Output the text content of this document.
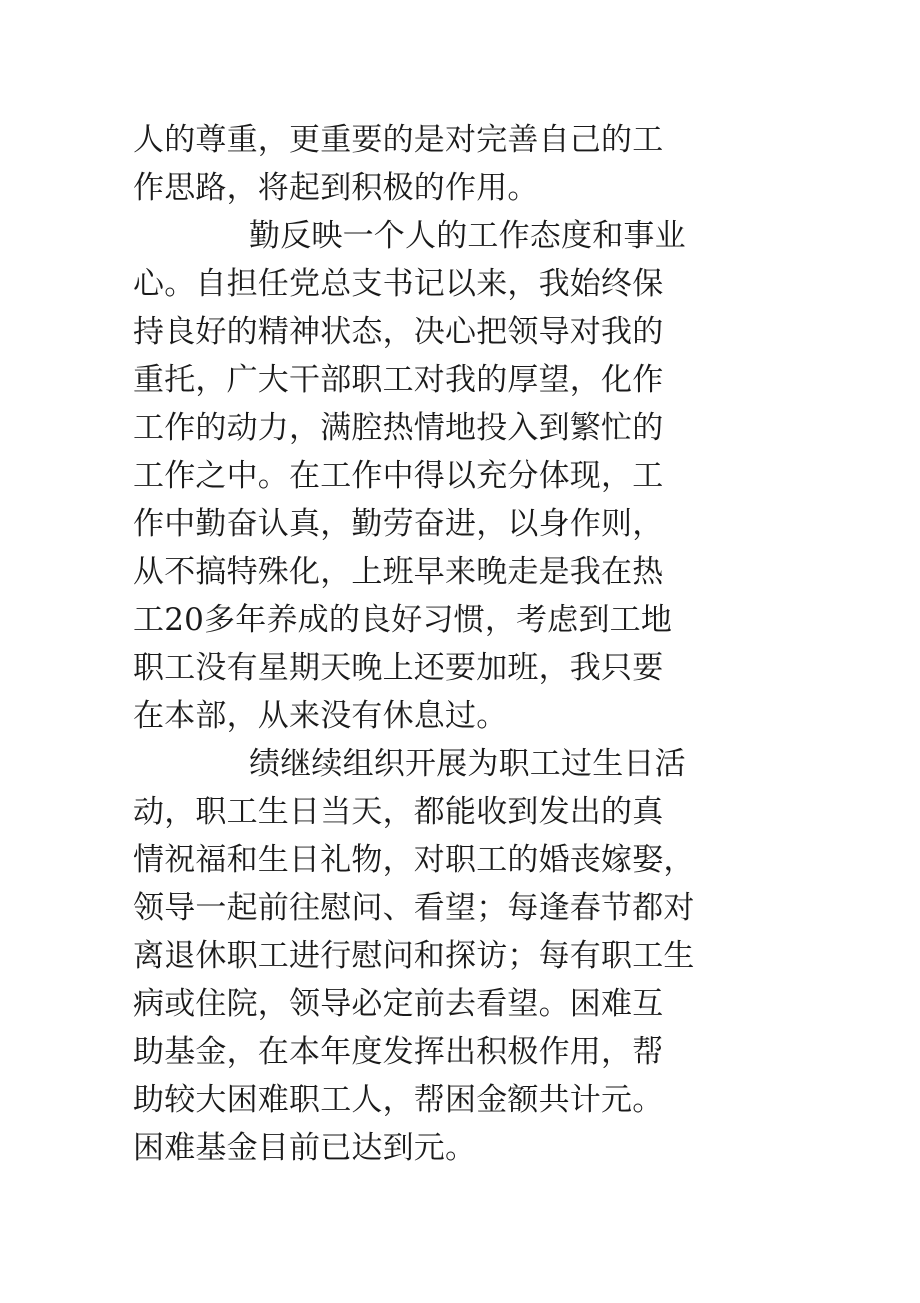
人的尊重，更重要的是对完善自己的工
作思路，将起到积极的作用。
勤反映一个人的工作态度和事业
心。自担任党总支书记以来，我始终保
持良好的精神状态，决心把领导对我的
重托，广大干部职工对我的厚望，化作
工作的动力，满腔热情地投入到繁忙的
工作之中。在工作中得以充分体现，工
作中勤奋认真，勤劳奋进，以身作则，
从不搞特殊化，上班早来晚走是我在热
工20多年养成的良好习惯，考虑到工地
职工没有星期天晚上还要加班，我只要
在本部，从来没有休息过。
绩继续组织开展为职工过生日活
动，职工生日当天，都能收到发出的真
情祝福和生日礼物，对职工的婚丧嫁娶，
领导一起前往慰问、看望；每逢春节都对
离退休职工进行慰问和探访；每有职工生
病或住院，领导必定前去看望。困难互
助基金，在本年度发挥出积极作用，帮
助较大困难职工人，帮困金额共计元。
困难基金目前已达到元。
